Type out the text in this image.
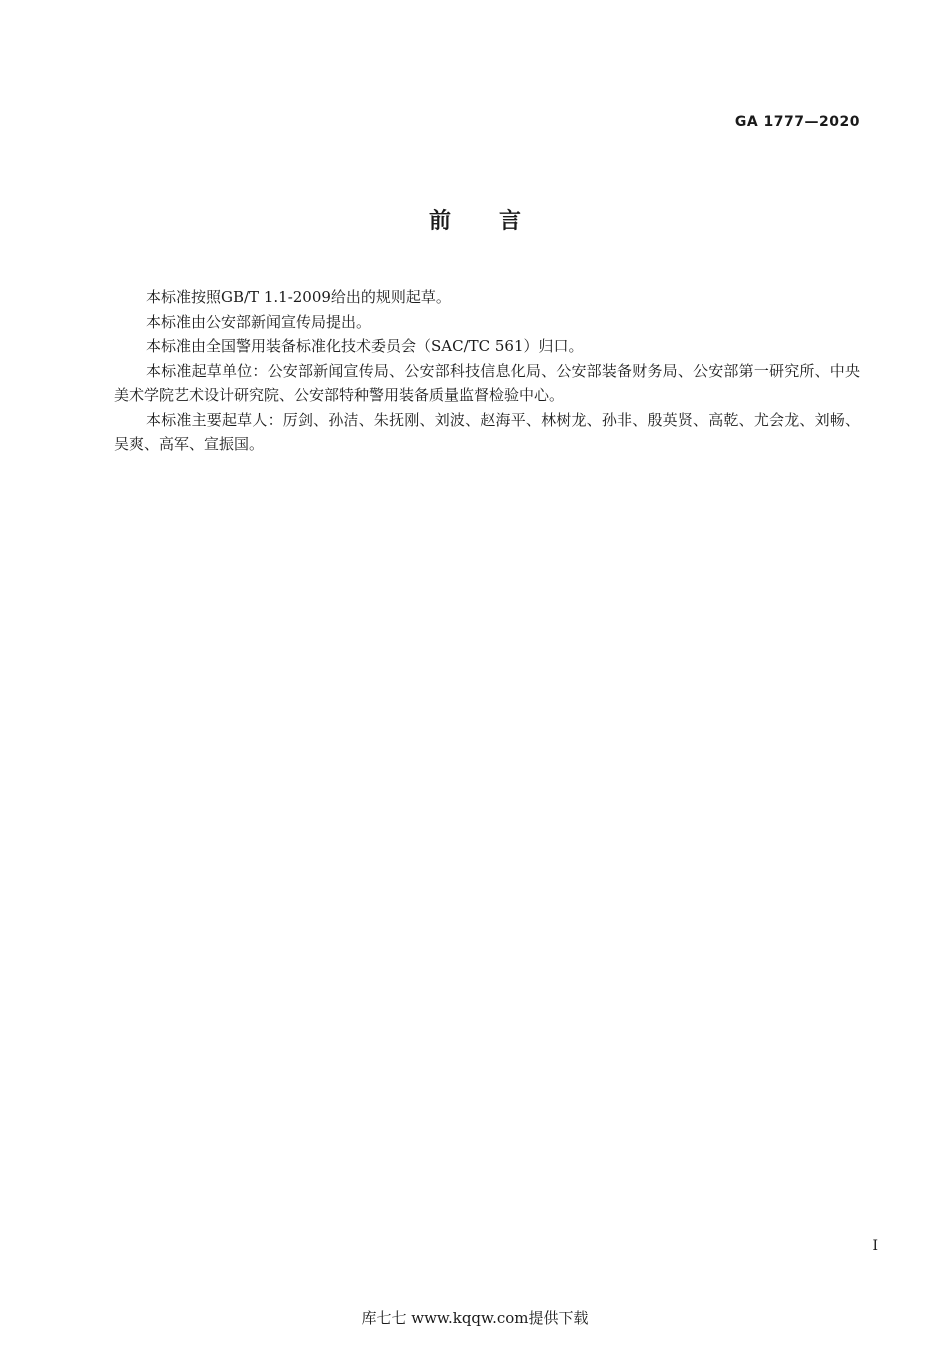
GA 1777—2020
前 言

本标准按照GB/T 1.1-2009给出的规则起草。

本标准由公安部新闻宣传局提出。

本标准由全国警用装备标准化技术委员会（SAC/TC 561）归口。

本标准起草单位：公安部新闻宣传局、公安部科技信息化局、公安部装备财务局、公安部第一研究所、中央美术学院艺术设计研究院、公安部特种警用装备质量监督检验中心。

本标准主要起草人：厉剑、孙洁、朱抚刚、刘波、赵海平、林树龙、孙非、殷英贤、高乾、尤会龙、刘畅、吴爽、高军、宣振国。

I
库七七 www.kqqw.com提供下载
